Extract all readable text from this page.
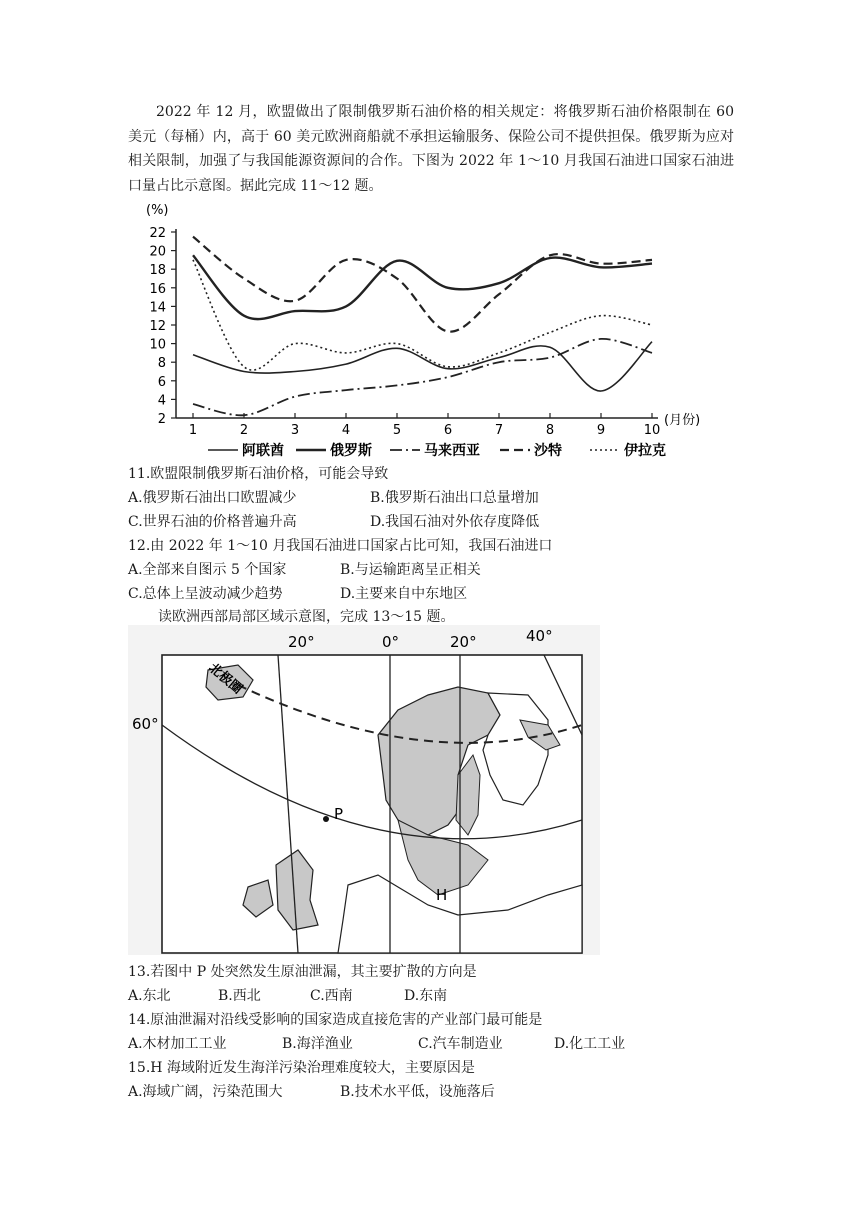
2022 年 12 月，欧盟做出了限制俄罗斯石油价格的相关规定：将俄罗斯石油价格限制在 60 美元（每桶）内，高于 60 美元欧洲商船就不承担运输服务、保险公司不提供担保。俄罗斯为应对相关限制，加强了与我国能源资源间的合作。下图为 2022 年 1～10 月我国石油进口国家石油进口量占比示意图。据此完成 11～12 题。
(%)
(月份)
2
4
6
8
10
12
14
16
18
20
22
1	2	3	4	5	6	7	8	9	10
阿联酋	俄罗斯	马来西亚	沙特	伊拉克
11.欧盟限制俄罗斯石油价格，可能会导致
A.俄罗斯石油出口欧盟减少	B.俄罗斯石油出口总量增加
C.世界石油的价格普遍升高	D.我国石油对外依存度降低
12.由 2022 年 1～10 月我国石油进口国家占比可知，我国石油进口
A.全部来自图示 5 个国家	B.与运输距离呈正相关
C.总体上呈波动减少趋势	D.主要来自中东地区
读欧洲西部局部区域示意图，完成 13～15 题。
20°	0°	20°	40°
60°
北极圈
P
H
13.若图中 P 处突然发生原油泄漏，其主要扩散的方向是
A.东北	B.西北	C.西南	D.东南
14.原油泄漏对沿线受影响的国家造成直接危害的产业部门最可能是
A.木材加工工业	B.海洋渔业	C.汽车制造业	D.化工工业
15.H 海域附近发生海洋污染治理难度较大，主要原因是
A.海域广阔，污染范围大	B.技术水平低，设施落后
